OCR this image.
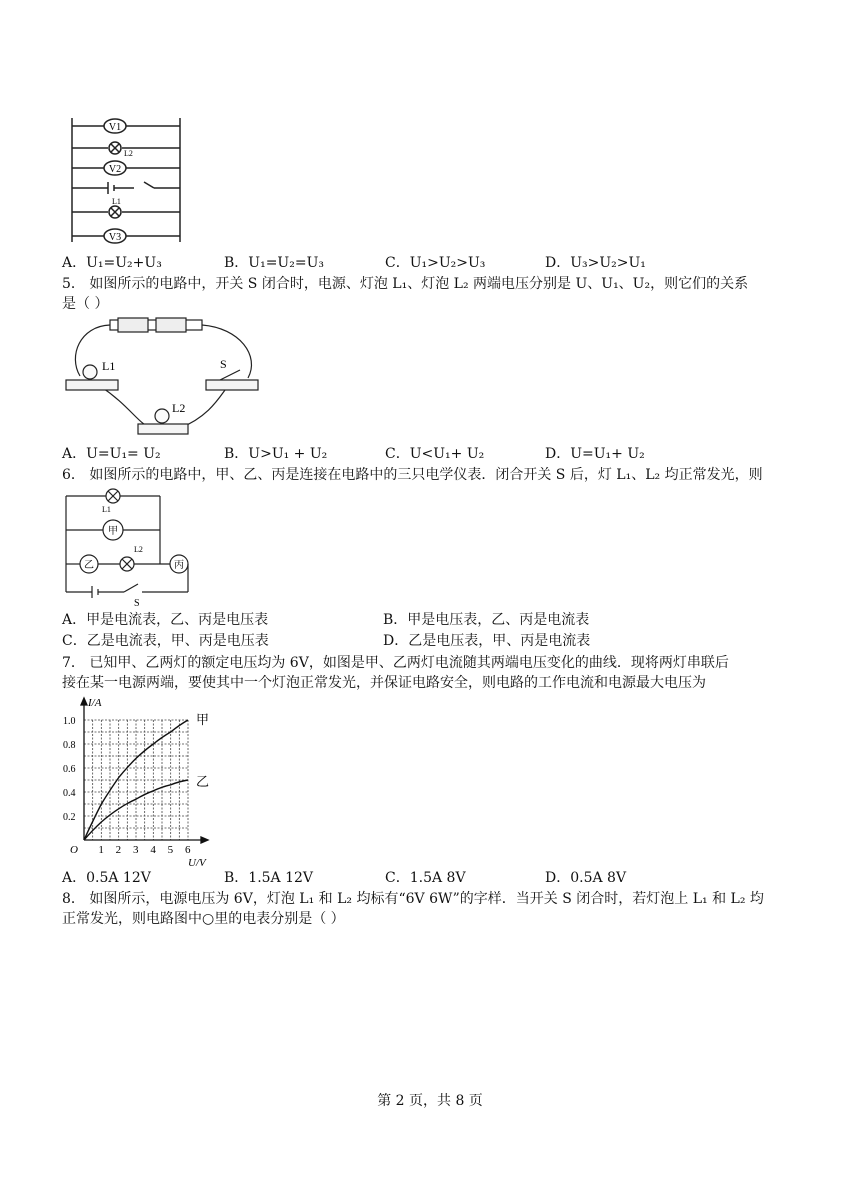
V1
L2
V2
L1
V3
A．U₁=U₂+U₃	B．U₁=U₂=U₃	C．U₁>U₂>U₃	D．U₃>U₂>U₁
5． 如图所示的电路中，开关 S 闭合时，电源、灯泡 L₁、灯泡 L₂ 两端电压分别是 U、U₁、U₂，则它们的关系
是（ ）
L1	S
L2
A．U=U₁= U₂	B．U>U₁ + U₂	C．U<U₁+ U₂	D．U=U₁+ U₂
6． 如图所示的电路中，甲、乙、丙是连接在电路中的三只电学仪表．闭合开关 S 后，灯 L₁、L₂ 均正常发光，则
L1
甲
L2
乙	丙
S
A．甲是电流表，乙、丙是电压表	B．甲是电压表，乙、丙是电流表
C．乙是电流表，甲、丙是电压表	D．乙是电压表，甲、丙是电流表
7． 已知甲、乙两灯的额定电压均为 6V，如图是甲、乙两灯电流随其两端电压变化的曲线．现将两灯串联后
接在某一电源两端，要使其中一个灯泡正常发光，并保证电路安全，则电路的工作电流和电源最大电压为
O 1 2 3 4 5 6
0.2
0.4
0.6
0.8
1.0
U/V
I/A
甲
乙
A．0.5A 12V	B．1.5A 12V	C．1.5A 8V	D．0.5A 8V
8． 如图所示，电源电压为 6V，灯泡 L₁ 和 L₂ 均标有“6V 6W”的字样．当开关 S 闭合时，若灯泡上 L₁ 和 L₂ 均
正常发光，则电路图中○里的电表分别是（ ）
第 2 页，共 8 页
